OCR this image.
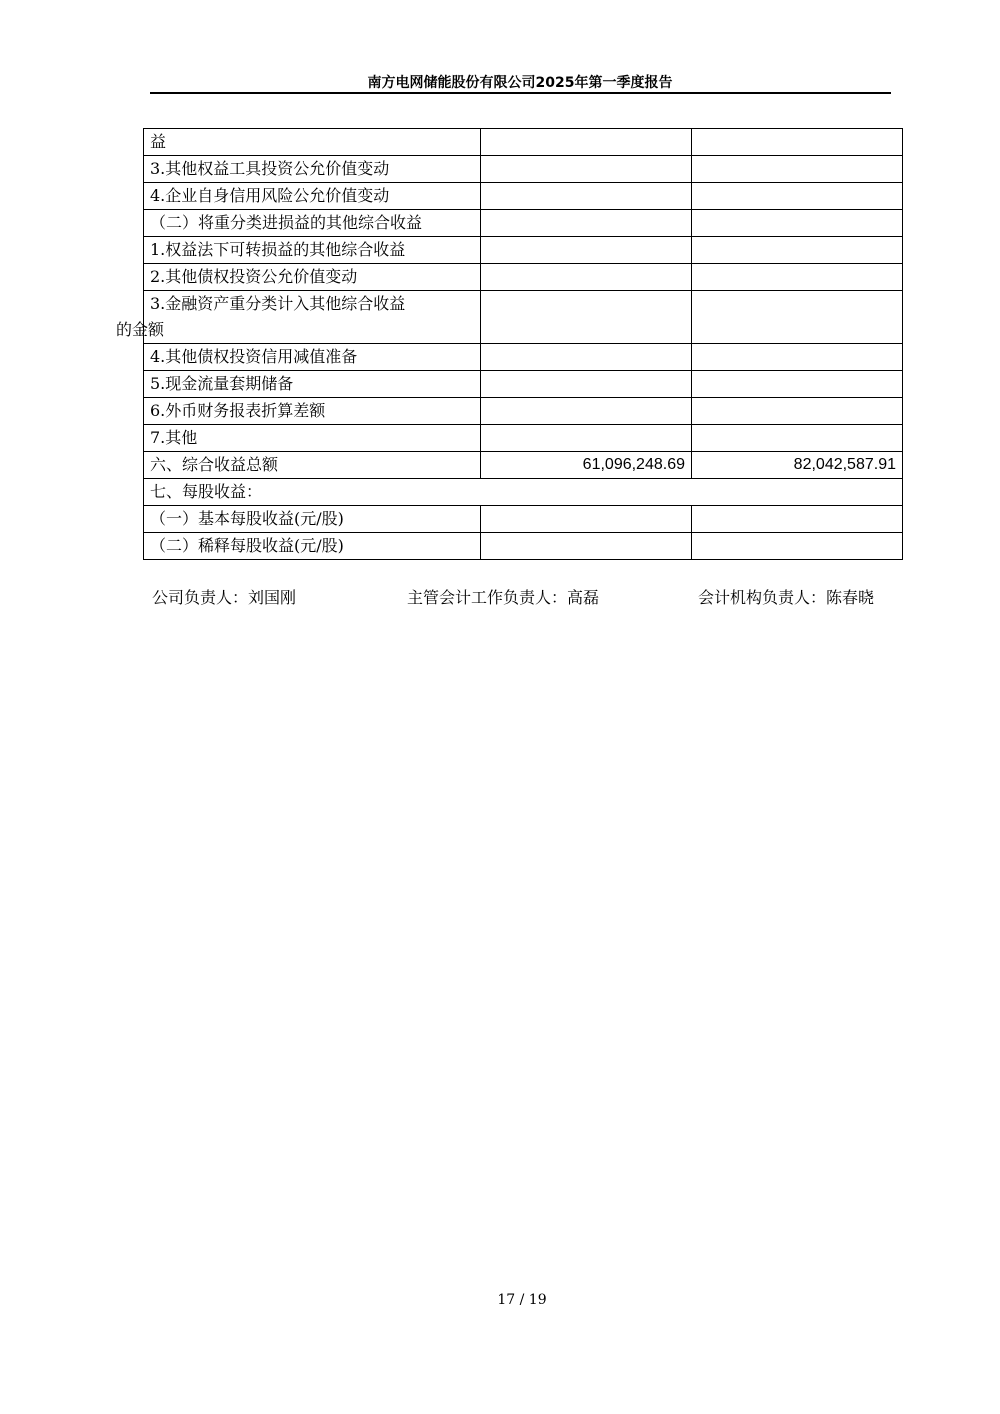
南方电网储能股份有限公司2025年第一季度报告
益		
3.其他权益工具投资公允价值变动		
4.企业自身信用风险公允价值变动		
（二）将重分类进损益的其他综合收益		
1.权益法下可转损益的其他综合收益		
2.其他债权投资公允价值变动		

3.金融资产重分类计入其他综合收益
的金额		

4.其他债权投资信用减值准备		
5.现金流量套期储备		
6.外币财务报表折算差额		
7.其他		
六、综合收益总额	61,096,248.69	82,042,587.91
七、每股收益：		
（一）基本每股收益(元/股)		
（二）稀释每股收益(元/股)		
公司负责人：刘国刚	主管会计工作负责人：高磊	会计机构负责人：陈春晓
17 / 19
